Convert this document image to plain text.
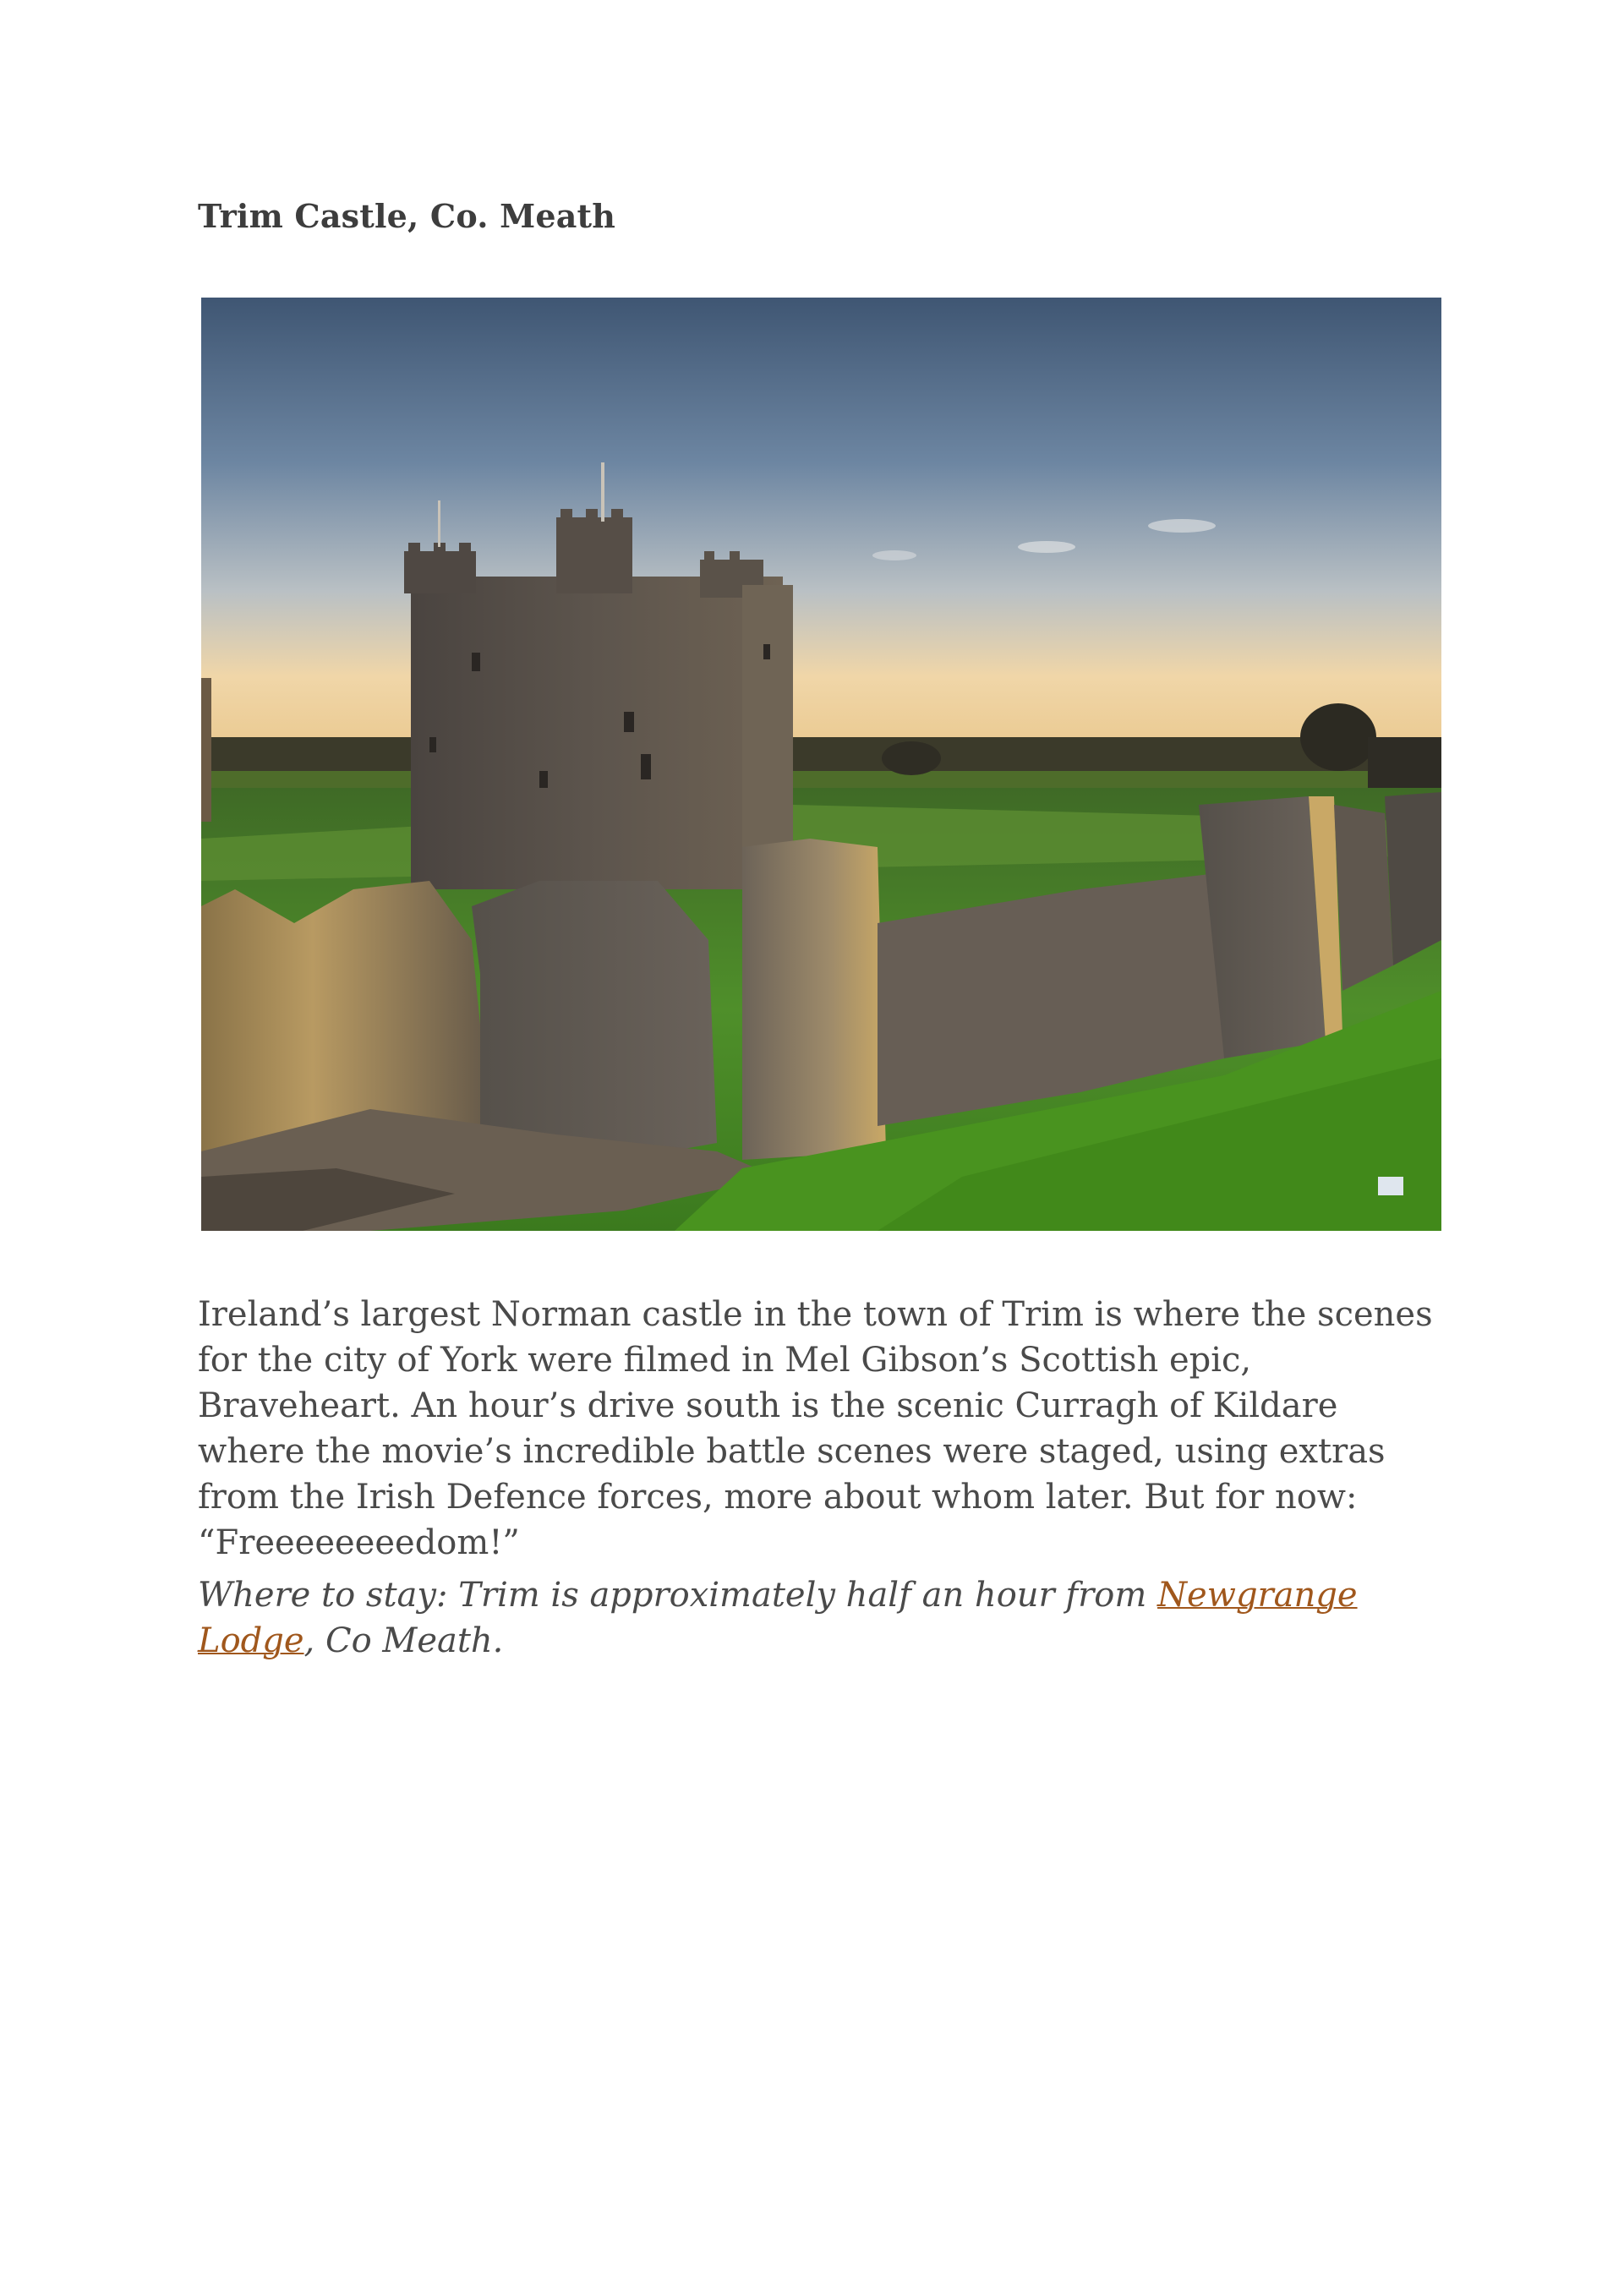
Trim Castle, Co. Meath

Ireland’s largest Norman castle in the town of Trim is where the scenes for the city of York were filmed in Mel Gibson’s Scottish epic, Braveheart. An hour’s drive south is the scenic Curragh of Kildare where the movie’s incredible battle scenes were staged, using extras from the Irish Defence forces, more about whom later. But for now: “Freeeeeeeedom!”

Where to stay: Trim is approximately half an hour from Newgrange Lodge, Co Meath.
